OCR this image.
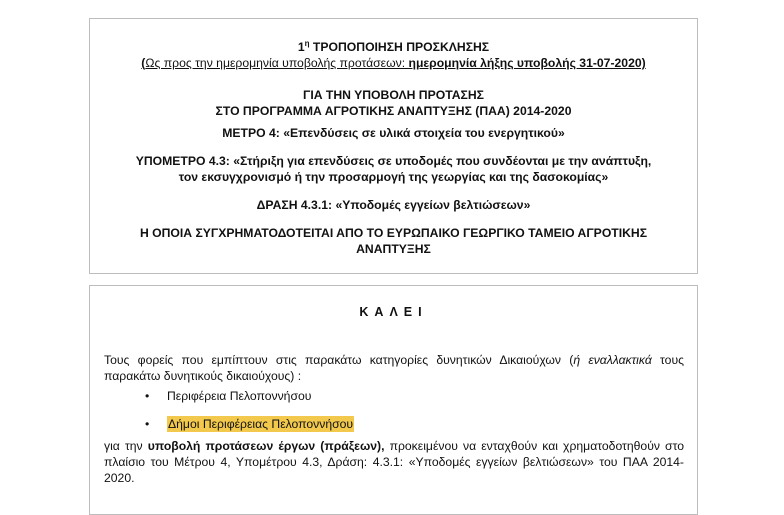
$1^\eta$ ΤΡΟΠΟΠΟΙΗΣΗ ΠΡΟΣΚΛΗΣΗΣ
(Ως προς την ημερομηνία υποβολής προτάσεων: ημερομηνία λήξης υποβολής 31-07-2020)
ΓΙΑ ΤΗΝ ΥΠΟΒΟΛΗ ΠΡΟΤΑΣΗΣ
ΣΤΟ ΠΡΟΓΡΑΜΜΑ ΑΓΡΟΤΙΚΗΣ ΑΝΑΠΤΥΞΗΣ (ΠΑΑ) 2014-2020
ΜΕΤΡΟ 4: «Επενδύσεις σε υλικά στοιχεία του ενεργητικού»
ΥΠΟΜΕΤΡΟ 4.3: «Στήριξη για επενδύσεις σε υποδομές που συνδέονται με την ανάπτυξη,
τον εκσυγχρονισμό ή την προσαρμογή της γεωργίας και της δασοκομίας»
ΔΡΑΣΗ 4.3.1: «Υποδομές εγγείων βελτιώσεων»
Η ΟΠΟΙΑ ΣΥΓΧΡΗΜΑΤΟΔΟΤΕΙΤΑΙ ΑΠΟ ΤΟ ΕΥΡΩΠΑΙΚΟ ΓΕΩΡΓΙΚΟ ΤΑΜΕΙΟ ΑΓΡΟΤΙΚΗΣ
ΑΝΑΠΤΥΞΗΣ
ΚΑΛΕΙ
Τους φορείς που εμπίπτουν στις παρακάτω κατηγορίες δυνητικών Δικαιούχων (ή εναλλακτικά τους παρακάτω δυνητικούς δικαιούχους) :
• Περιφέρεια Πελοποννήσου
• Δήμοι Περιφέρειας Πελοποννήσου
για την υποβολή προτάσεων έργων (πράξεων), προκειμένου να ενταχθούν και χρηματοδοτηθούν στο πλαίσιο του Μέτρου 4, Υπομέτρου 4.3, Δράση: 4.3.1: «Υποδομές εγγείων βελτιώσεων» του ΠΑΑ 2014-2020.
